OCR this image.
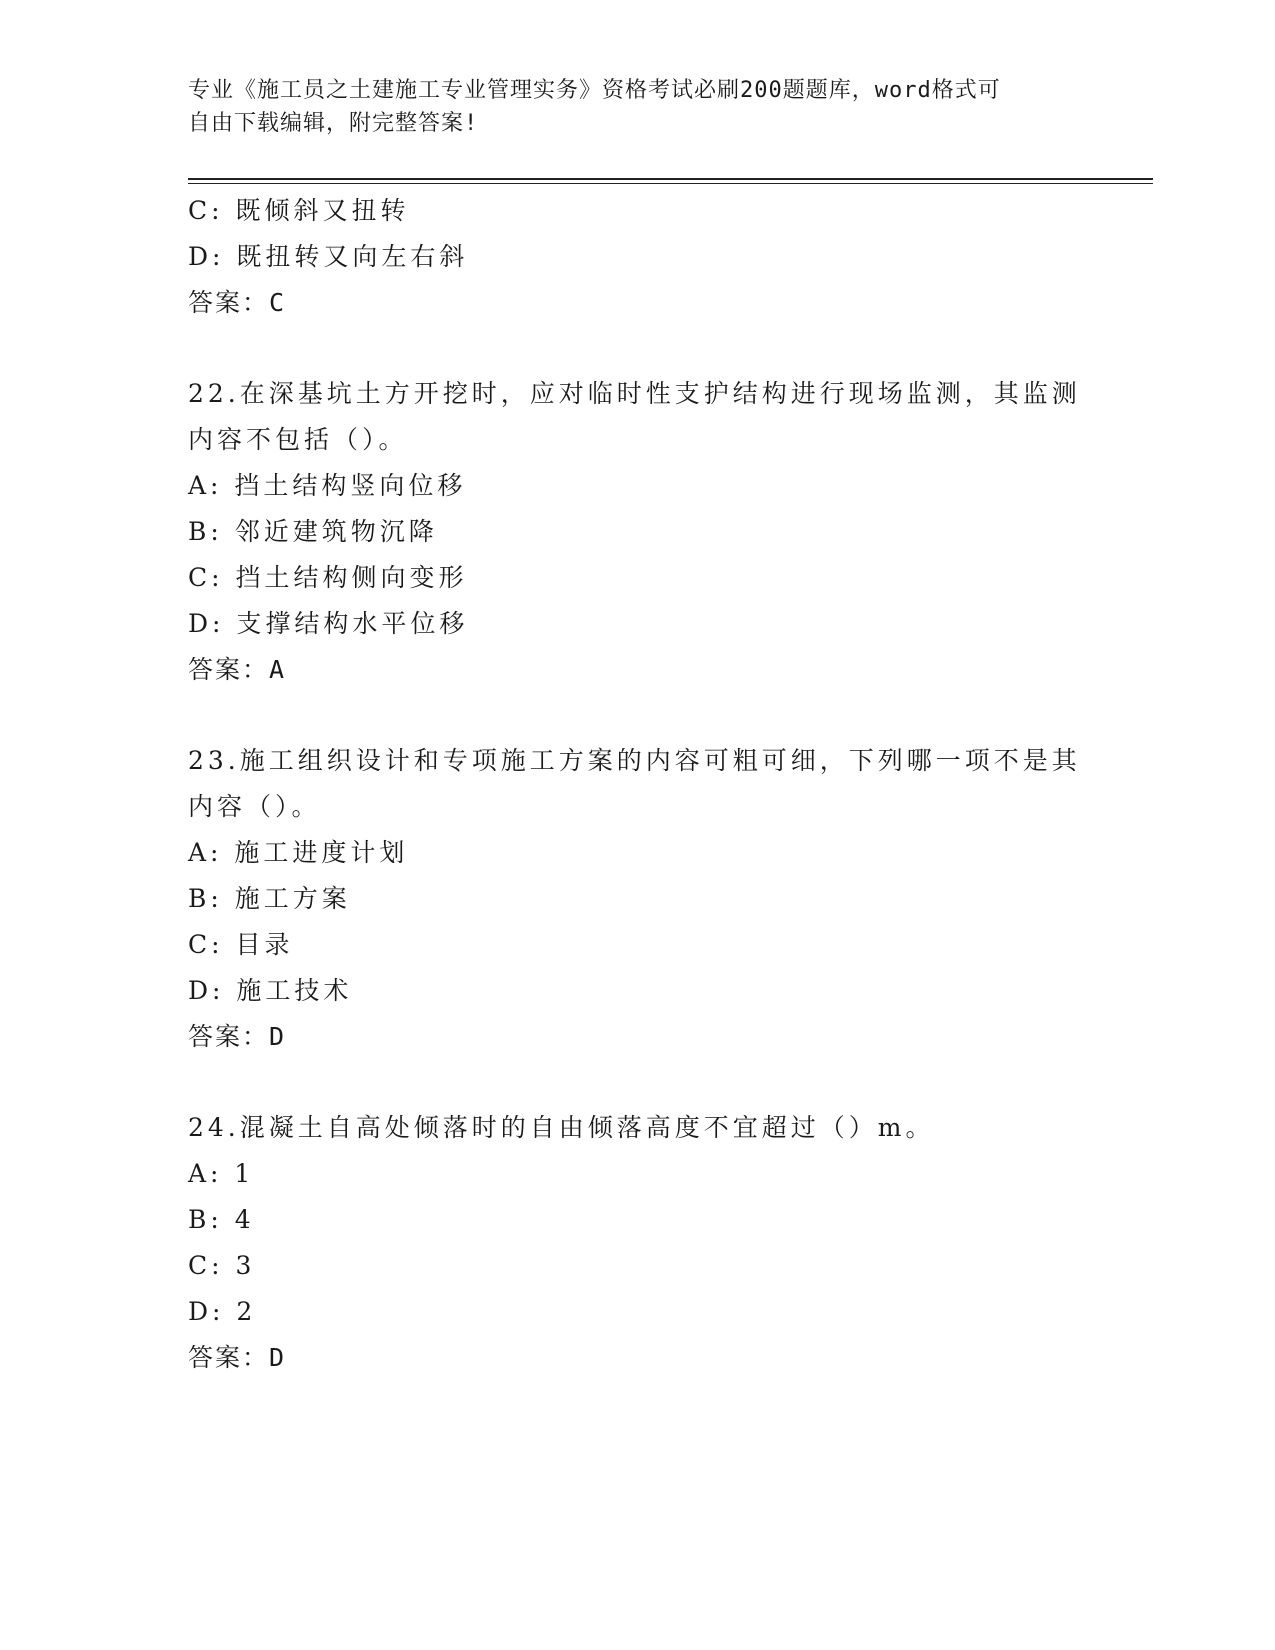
专业《施工员之土建施工专业管理实务》资格考试必刷200题题库，word格式可
自由下载编辑，附完整答案!
C: 既倾斜又扭转
D: 既扭转又向左右斜
答案：C
22.在深基坑土方开挖时，应对临时性支护结构进行现场监测，其监测
内容不包括（）。
A: 挡土结构竖向位移
B: 邻近建筑物沉降
C: 挡土结构侧向变形
D: 支撑结构水平位移
答案：A
23.施工组织设计和专项施工方案的内容可粗可细，下列哪一项不是其
内容（）。
A: 施工进度计划
B: 施工方案
C: 目录
D: 施工技术
答案：D
24.混凝土自高处倾落时的自由倾落高度不宜超过（）m。
A: 1
B: 4
C: 3
D: 2
答案：D
